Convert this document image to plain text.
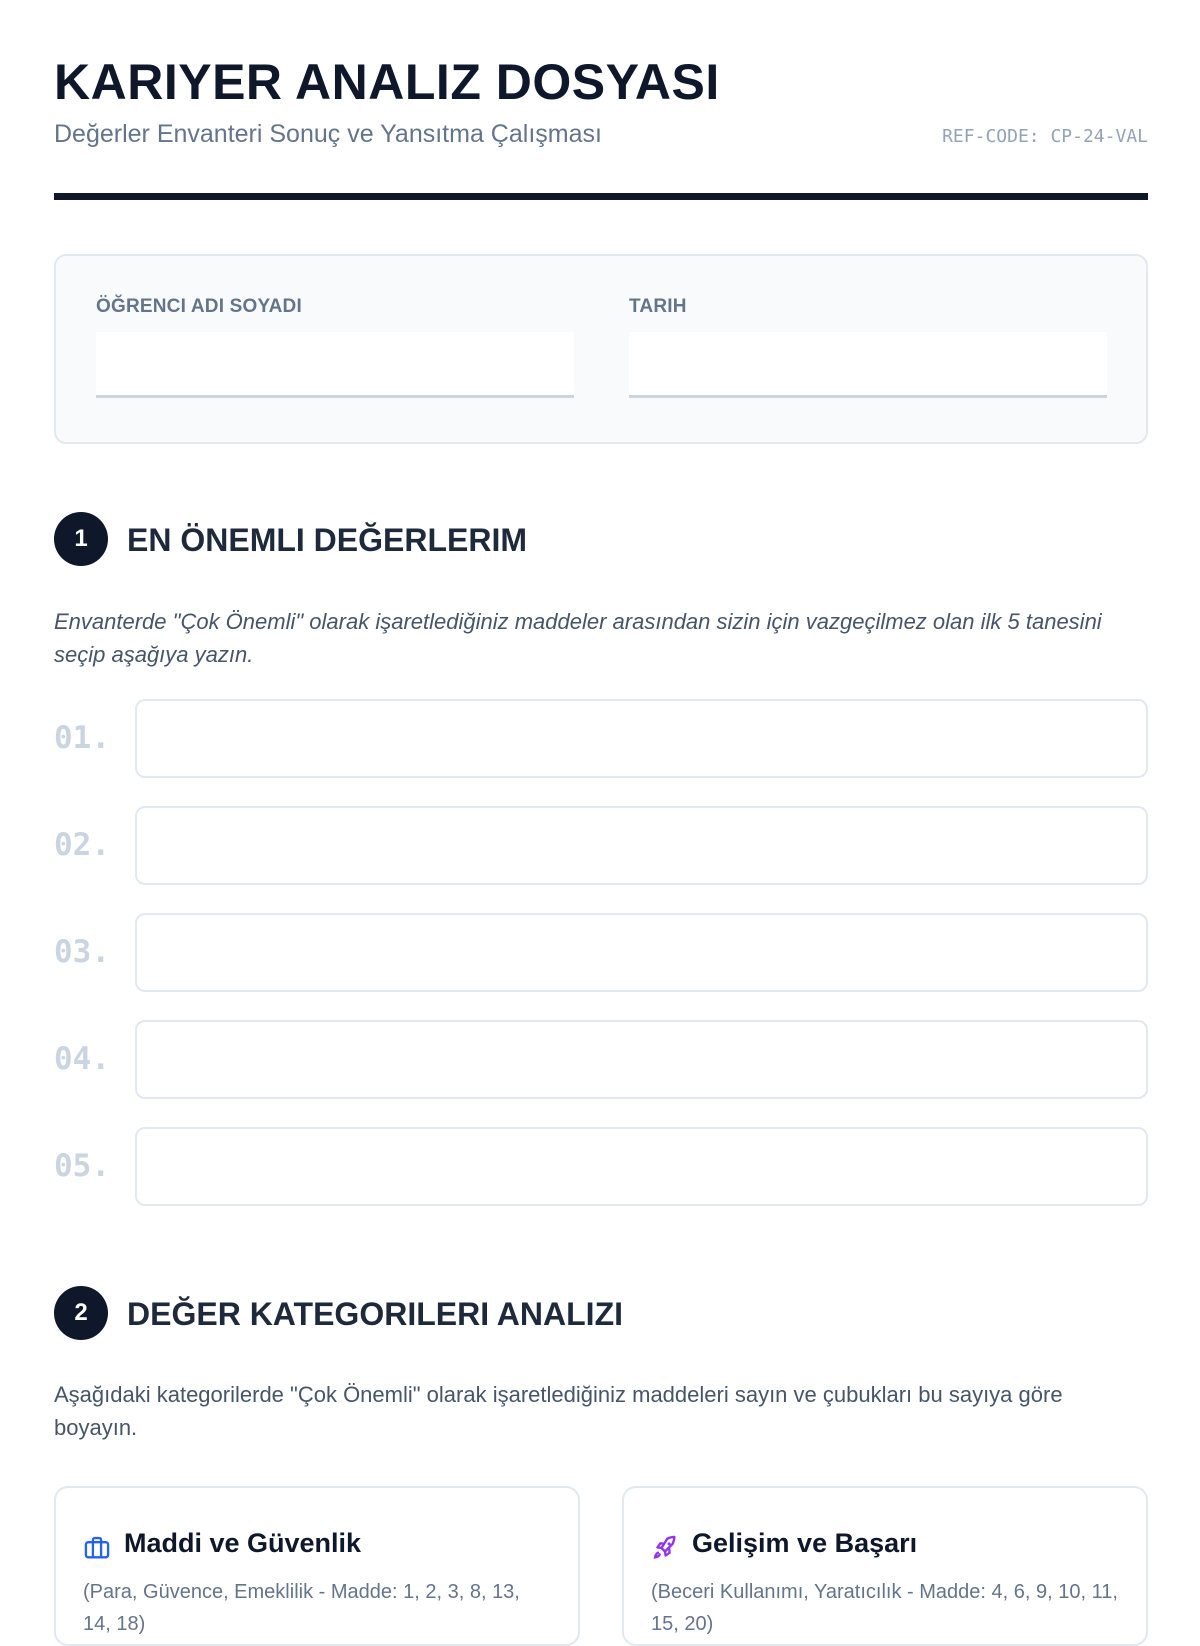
KARIYER ANALIZ DOSYASI
Değerler Envanteri Sonuç ve Yansıtma Çalışması	REF-CODE: CP-24-VAL
ÖĞRENCI ADI SOYADI	TARIH
1	EN ÖNEMLI DEĞERLERIM
Envanterde "Çok Önemli" olarak işaretlediğiniz maddeler arasından sizin için vazgeçilmez olan ilk 5 tanesini seçip aşağıya yazın.
01.
02.
03.
04.
05.
2	DEĞER KATEGORILERI ANALIZI
Aşağıdaki kategorilerde "Çok Önemli" olarak işaretlediğiniz maddeleri sayın ve çubukları bu sayıya göre boyayın.
Maddi ve Güvenlik
(Para, Güvence, Emeklilik - Madde: 1, 2, 3, 8, 13, 14, 18)
Gelişim ve Başarı
(Beceri Kullanımı, Yaratıcılık - Madde: 4, 6, 9, 10, 11, 15, 20)
